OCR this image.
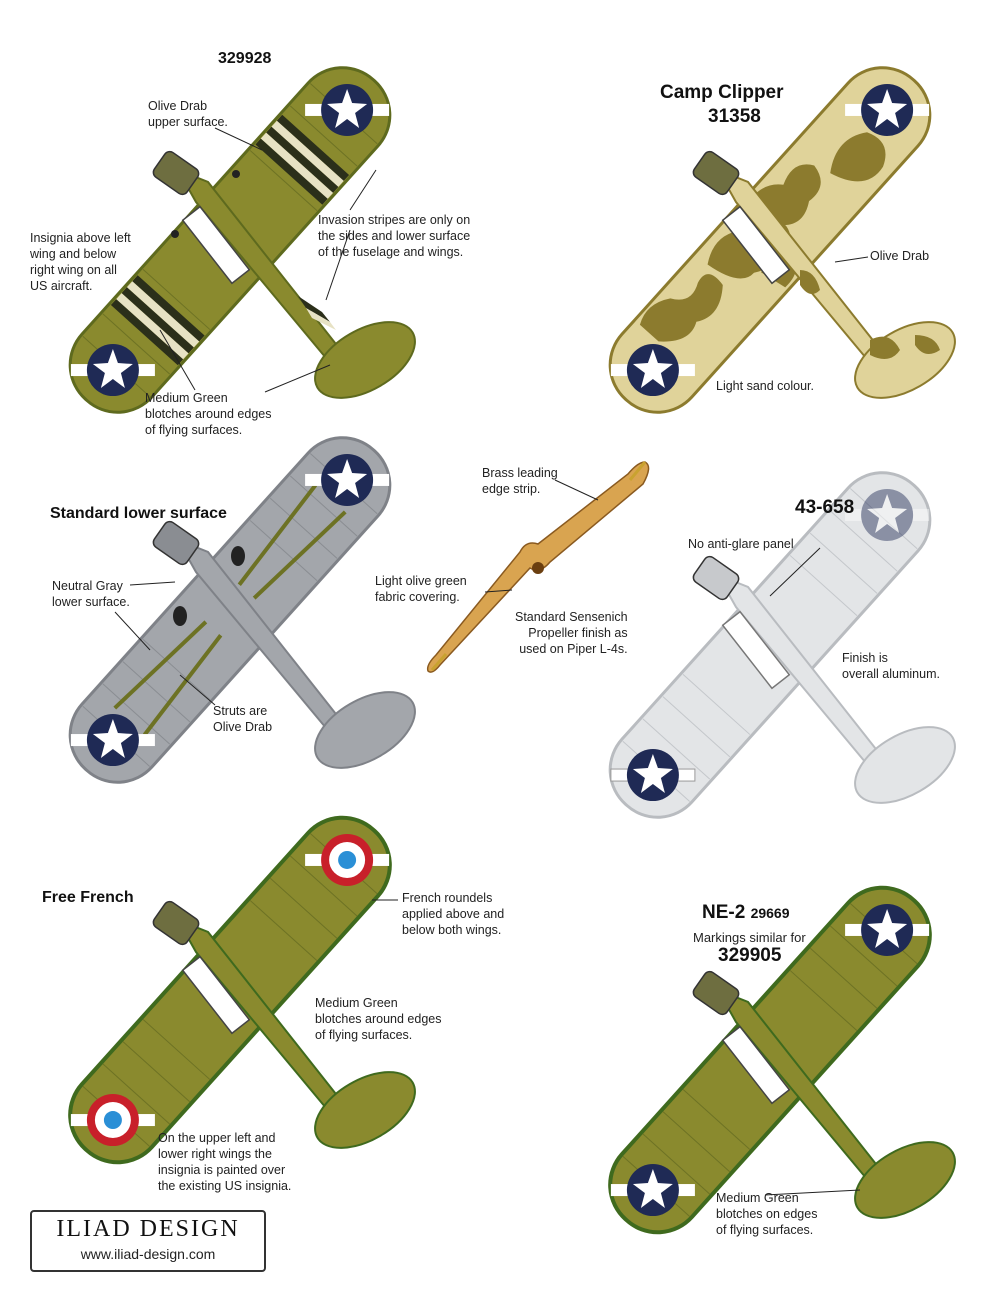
329928
Camp Clipper
31358
Standard lower surface	43-658
Free French
NE-2 29669
Markings similar for
329905
Olive Drab
upper surface.
Invasion stripes are only on
the sides and lower surface
of the fuselage and wings.
Insignia above left
wing and below
right wing on all
US aircraft.
Medium Green
blotches around edges
of flying surfaces.
Olive Drab
Light sand colour.
Neutral Gray
lower surface.
Struts are
Olive Drab
Brass leading
edge strip.
Light olive green
fabric covering.
Standard Sensenich
Propeller finish as
used on Piper L-4s.
No anti-glare panel
Finish is
overall aluminum.
French roundels
applied above and
below both wings.
Medium Green
blotches around edges
of flying surfaces.
On the upper left and
lower right wings the
insignia is painted over
the existing US insignia.
Medium Green
blotches on edges
of flying surfaces.
ILIAD DESIGN
www.iliad-design.com
